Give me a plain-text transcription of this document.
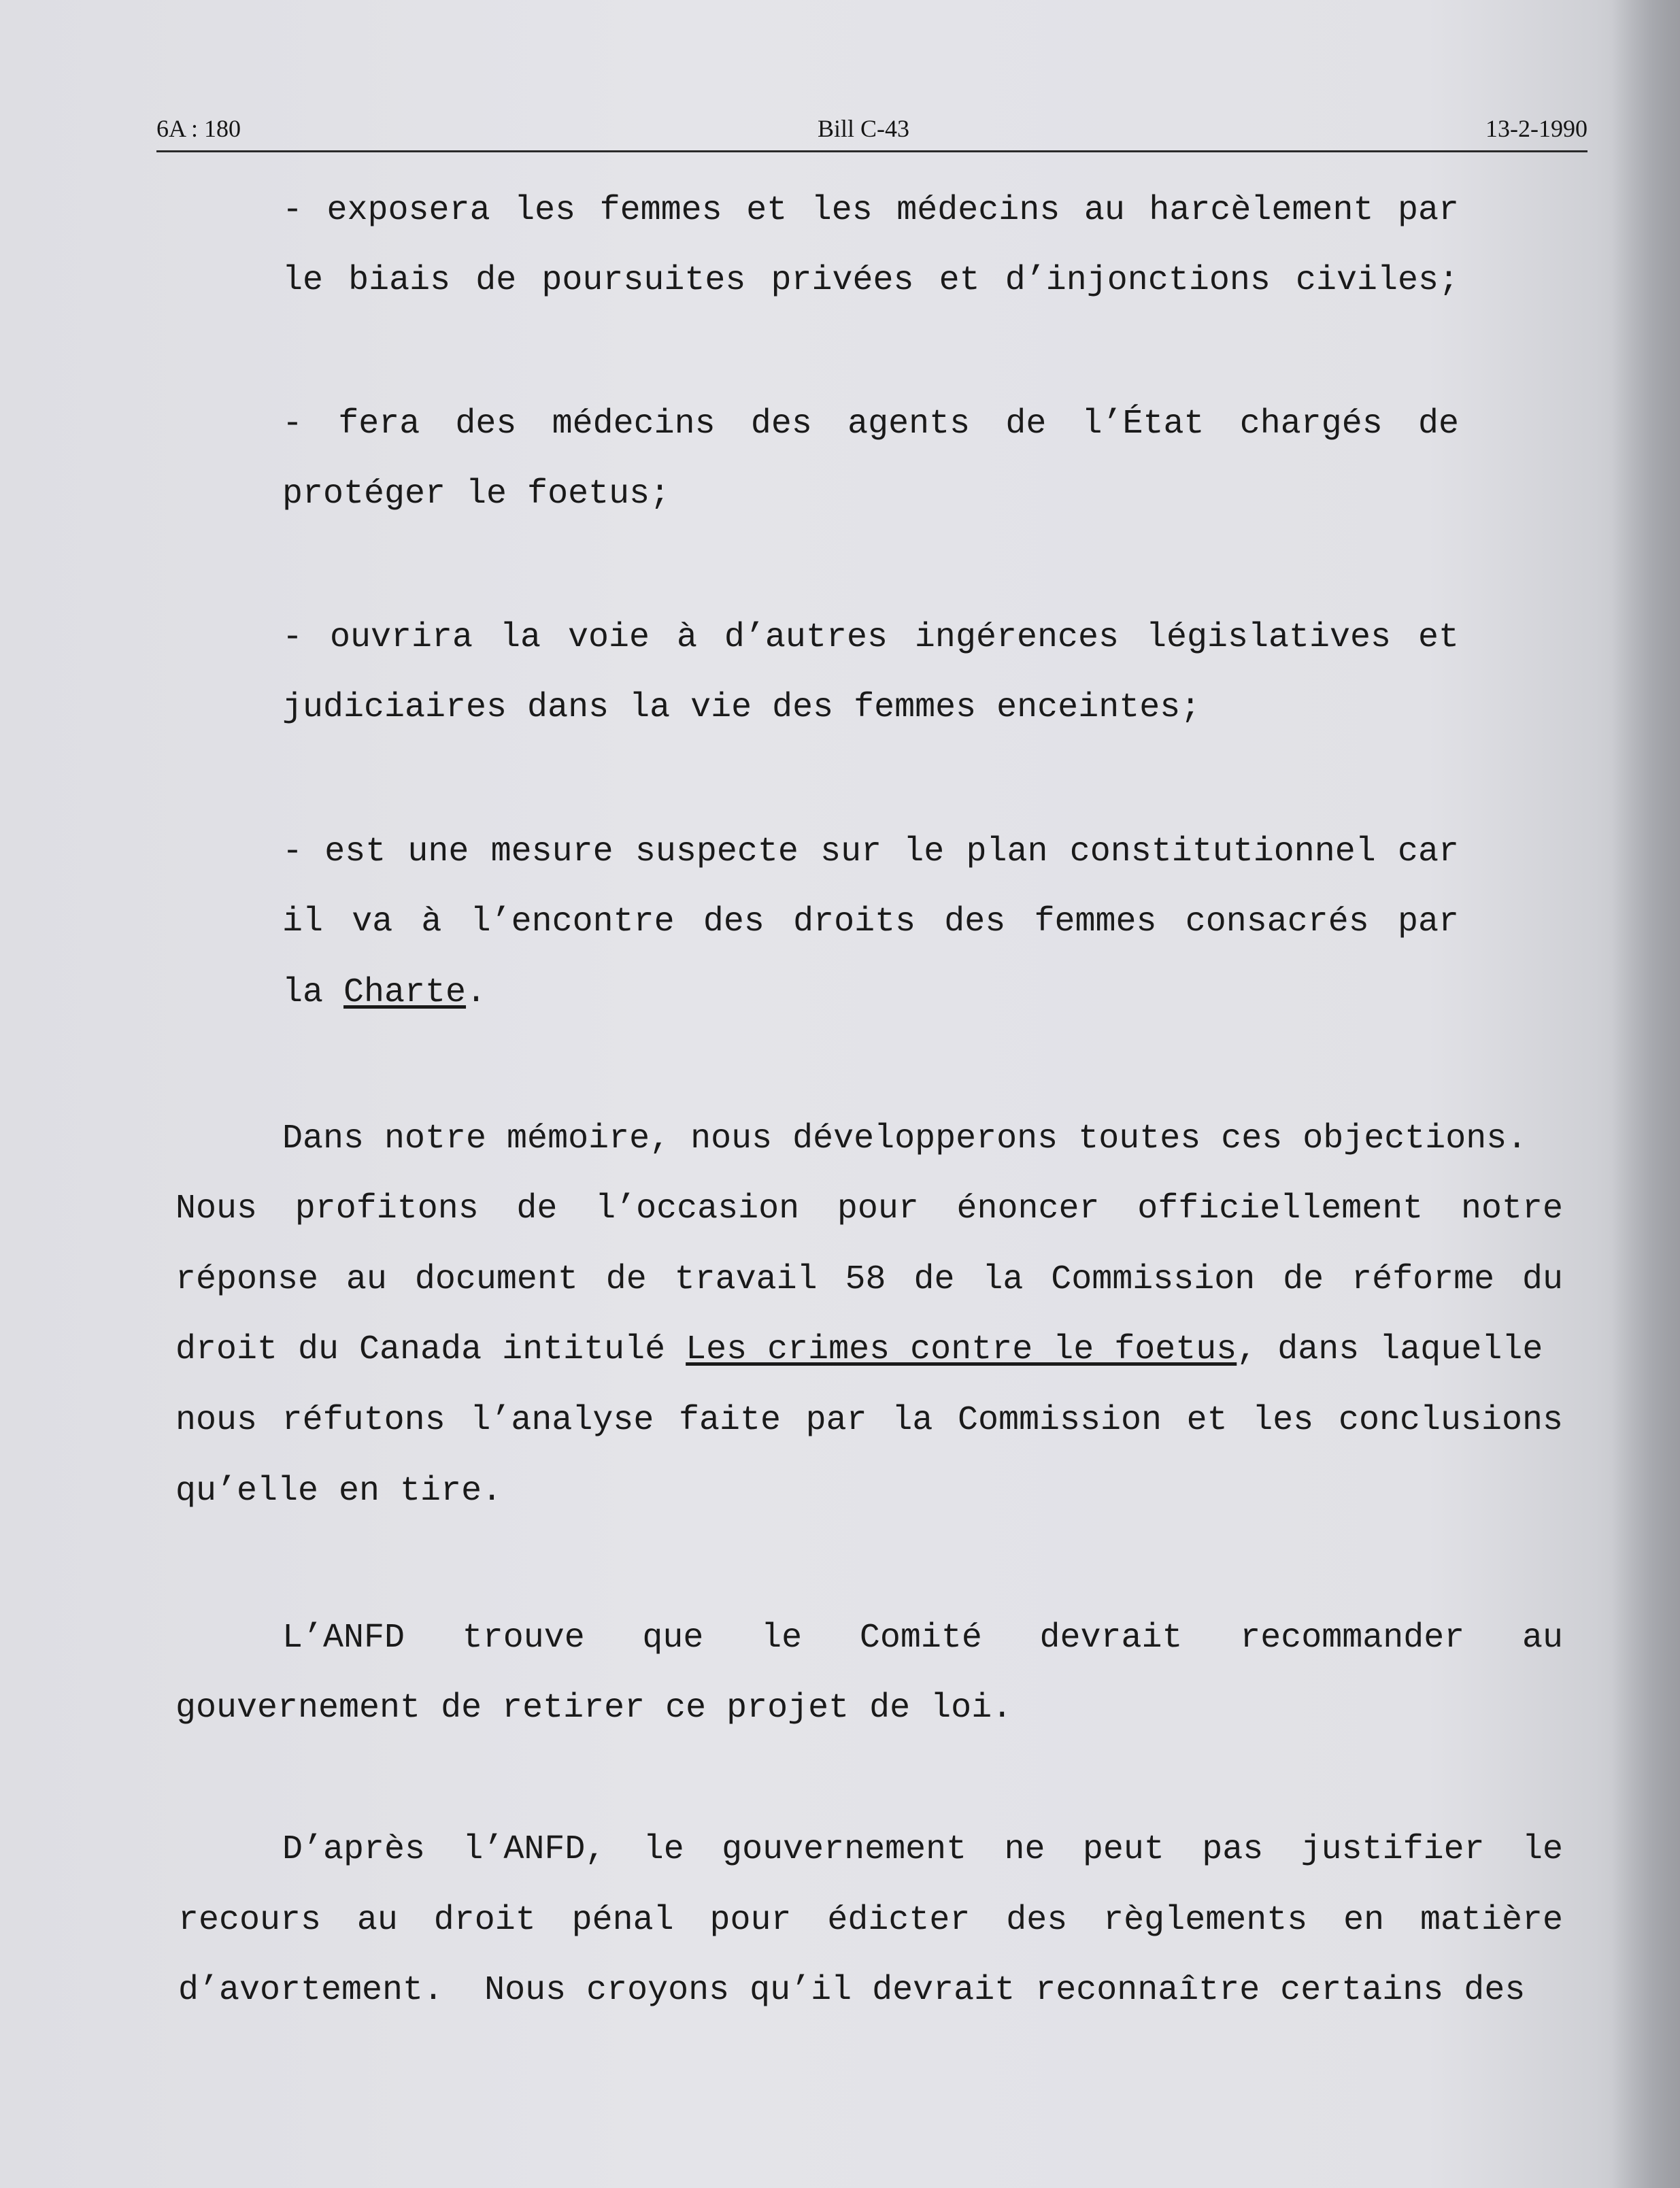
6A : 180	Bill C-43	13-2-1990
- exposera les femmes et les médecins au harcèlement par
le biais de poursuites privées et d’injonctions civiles;
- fera des médecins des agents de l’État chargés de
protéger le foetus;
- ouvrira la voie à d’autres ingérences législatives et
judiciaires dans la vie des femmes enceintes;
- est une mesure suspecte sur le plan constitutionnel car
il va à l’encontre des droits des femmes consacrés par
la Charte.
Dans notre mémoire, nous développerons toutes ces objections.
Nous profitons de l’occasion pour énoncer officiellement notre
réponse au document de travail 58 de la Commission de réforme du
droit du Canada intitulé Les crimes contre le foetus, dans laquelle
nous réfutons l’analyse faite par la Commission et les conclusions
qu’elle en tire.
L’ANFD trouve que le Comité devrait recommander au
gouvernement de retirer ce projet de loi.
D’après l’ANFD, le gouvernement ne peut pas justifier le
recours au droit pénal pour édicter des règlements en matière
d’avortement.  Nous croyons qu’il devrait reconnaître certains des
